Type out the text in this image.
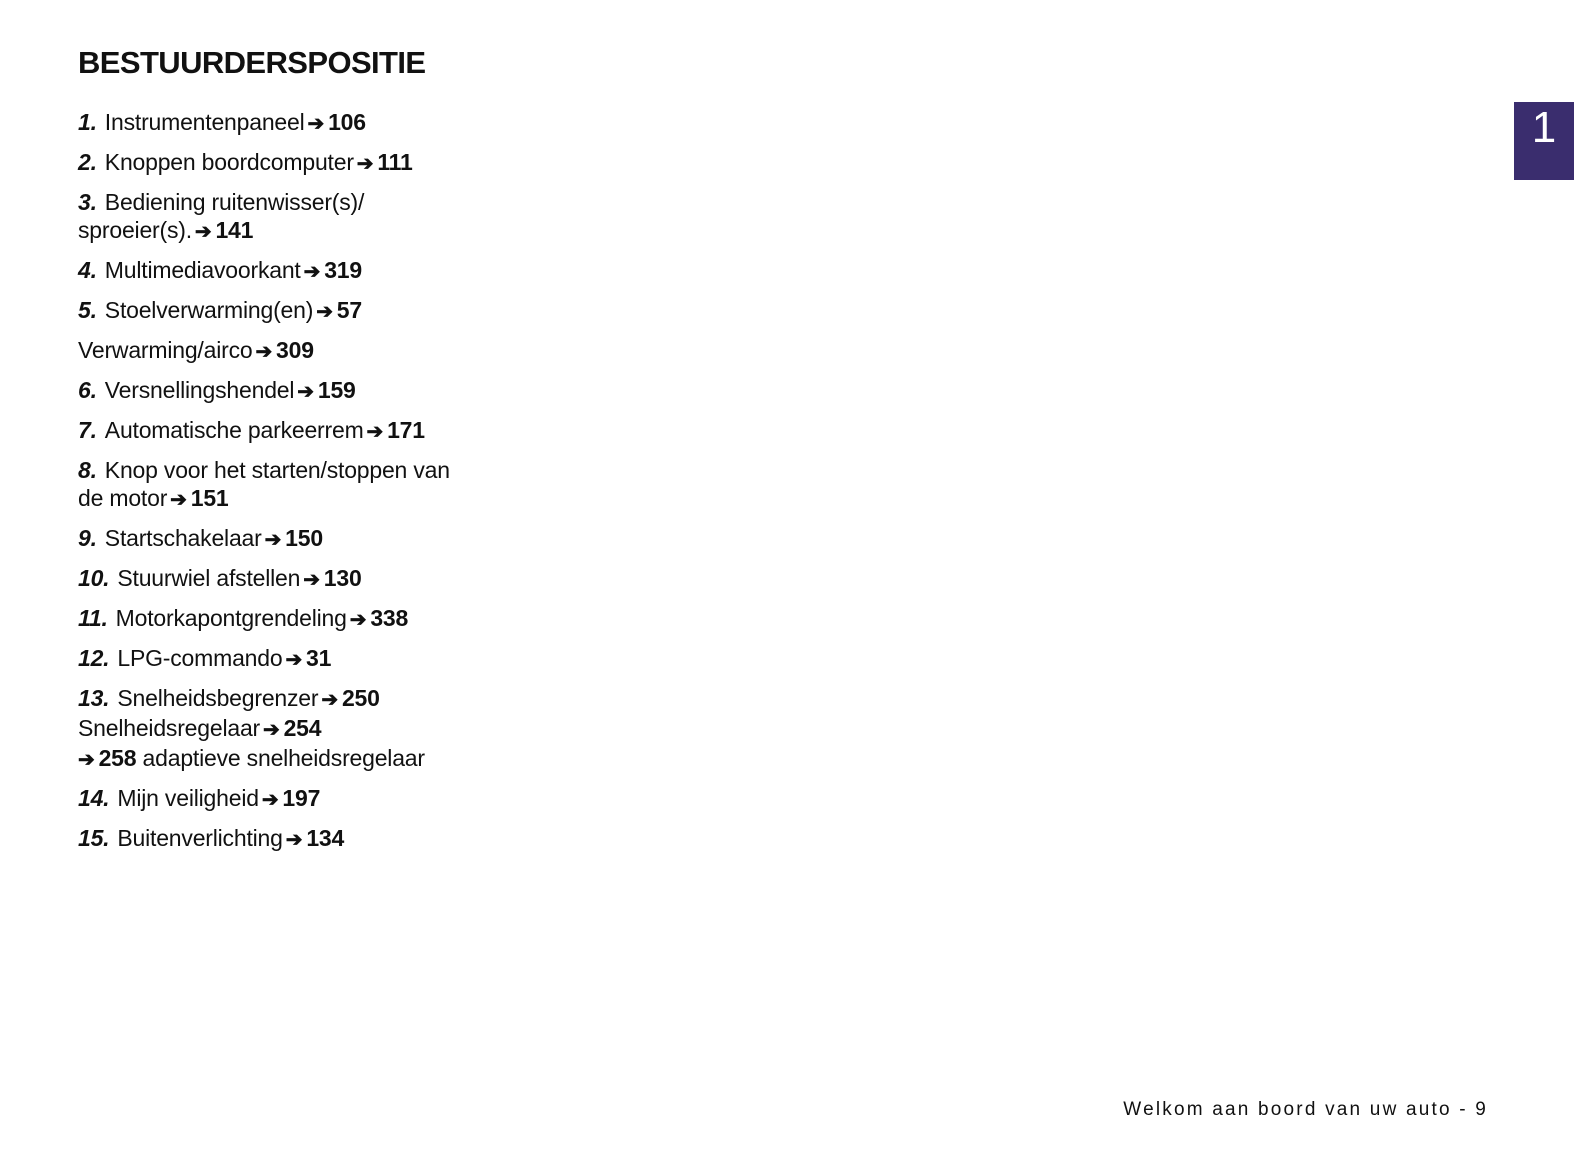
BESTUURDERSPOSITIE
1
1. Instrumentenpaneel ➔ 106
2. Knoppen boordcomputer ➔ 111
3. Bediening ruitenwisser(s)/
sproeier(s). ➔ 141
4. Multimediavoorkant ➔ 319
5. Stoelverwarming(en) ➔ 57
Verwarming/airco ➔ 309
6. Versnellingshendel ➔ 159
7. Automatische parkeerrem ➔ 171
8. Knop voor het starten/stoppen van
de motor ➔ 151
9. Startschakelaar ➔ 150
10. Stuurwiel afstellen ➔ 130
11. Motorkapontgrendeling ➔ 338
12. LPG-commando ➔ 31
13. Snelheidsbegrenzer ➔ 250
Snelheidsregelaar ➔ 254
➔ 258 adaptieve snelheidsregelaar
14. Mijn veiligheid ➔ 197
15. Buitenverlichting ➔ 134
Welkom aan boord van uw auto - 9
